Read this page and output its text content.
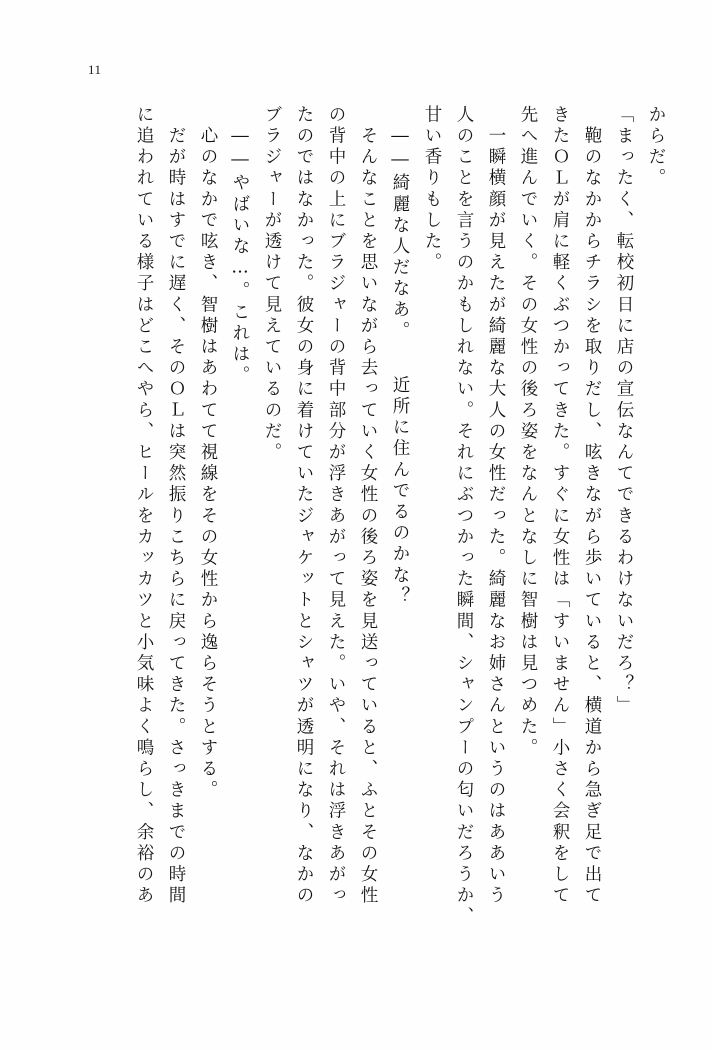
11
からだ。
「まったく、転校初日に店の宣伝なんてできるわけないだろ？」
　鞄のなかからチラシを取りだし、呟きながら歩いていると、横道から急ぎ足で出て
きたＯＬが肩に軽くぶつかってきた。すぐに女性は「すいません」小さく会釈をして
先へ進んでいく。その女性の後ろ姿をなんとなしに智樹は見つめた。
　一瞬横顔が見えたが綺麗な大人の女性だった。綺麗なお姉さんというのはああいう
人のことを言うのかもしれない。それにぶつかった瞬間、シャンプーの匂いだろうか、
甘い香りもした。
　――綺麗な人だなあ。　　近所に住んでるのかな？
　そんなことを思いながら去っていく女性の後ろ姿を見送っていると、ふとその女性
の背中の上にブラジャーの背中部分が浮きあがって見えた。いや、それは浮きあがっ
たのではなかった。彼女の身に着けていたジャケットとシャツが透明になり、なかの
ブラジャーが透けて見えているのだ。
　――やばいな…。これは。
　心のなかで呟き、智樹はあわてて視線をその女性から逸らそうとする。
　だが時はすでに遅く、そのＯＬは突然振りこちらに戻ってきた。さっきまでの時間
に追われている様子はどこへやら、ヒールをカッカツと小気味よく鳴らし、余裕のあ
